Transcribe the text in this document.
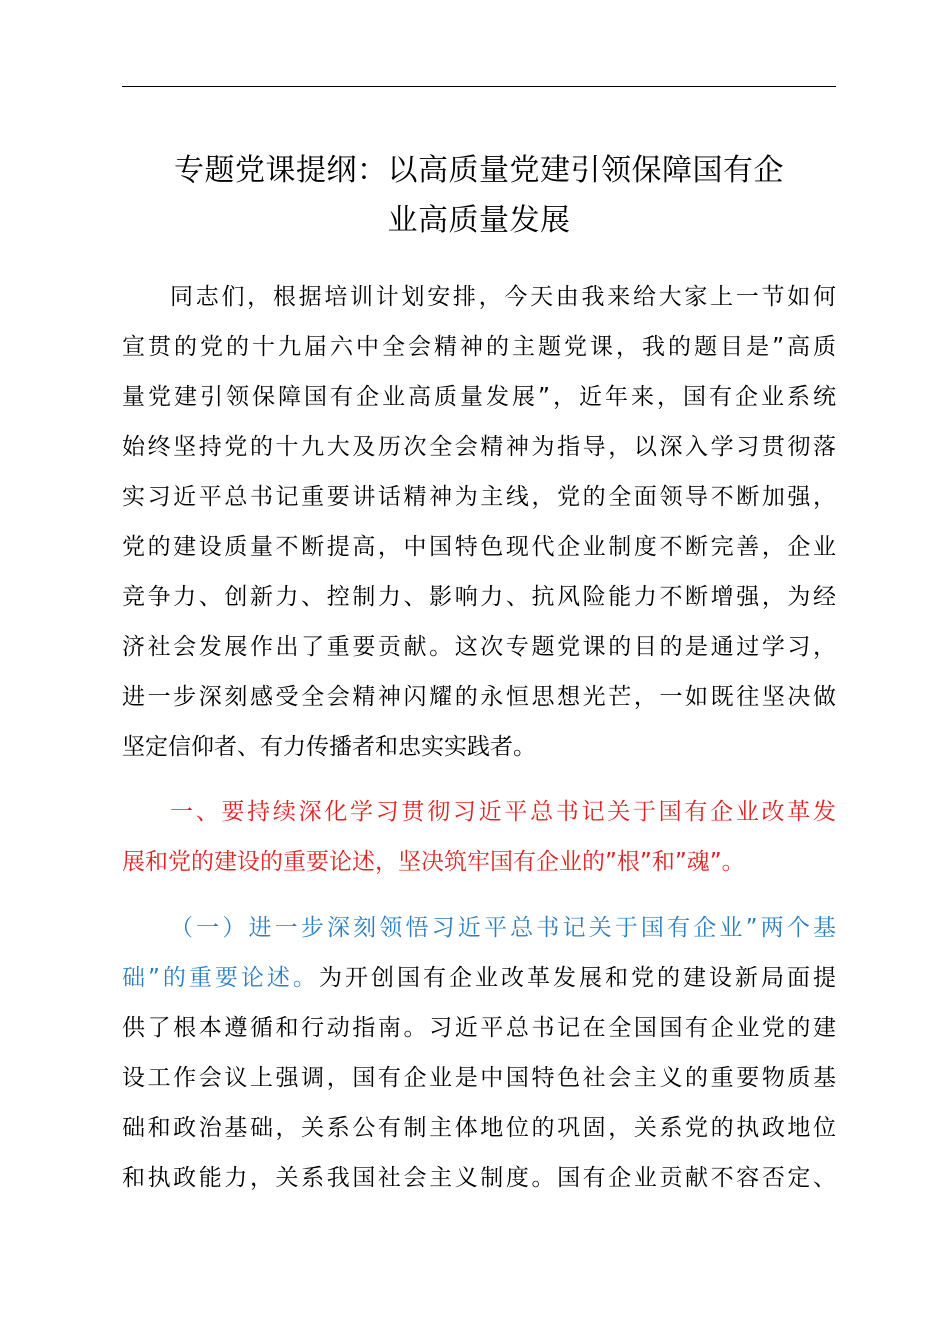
专题党课提纲：以高质量党建引领保障国有企
业高质量发展

同志们，根据培训计划安排，今天由我来给大家上一节如何
宣贯的党的十九届六中全会精神的主题党课，我的题目是”高质
量党建引领保障国有企业高质量发展”，近年来，国有企业系统
始终坚持党的十九大及历次全会精神为指导，以深入学习贯彻落
实习近平总书记重要讲话精神为主线，党的全面领导不断加强，
党的建设质量不断提高，中国特色现代企业制度不断完善，企业
竞争力、创新力、控制力、影响力、抗风险能力不断增强，为经
济社会发展作出了重要贡献。这次专题党课的目的是通过学习，
进一步深刻感受全会精神闪耀的永恒思想光芒，一如既往坚决做
坚定信仰者、有力传播者和忠实实践者。

一、要持续深化学习贯彻习近平总书记关于国有企业改革发
展和党的建设的重要论述，坚决筑牢国有企业的”根”和”魂”。

（一）进一步深刻领悟习近平总书记关于国有企业”两个基
础”的重要论述。为开创国有企业改革发展和党的建设新局面提
供了根本遵循和行动指南。习近平总书记在全国国有企业党的建
设工作会议上强调，国有企业是中国特色社会主义的重要物质基
础和政治基础，关系公有制主体地位的巩固，关系党的执政地位
和执政能力，关系我国社会主义制度。国有企业贡献不容否定、
